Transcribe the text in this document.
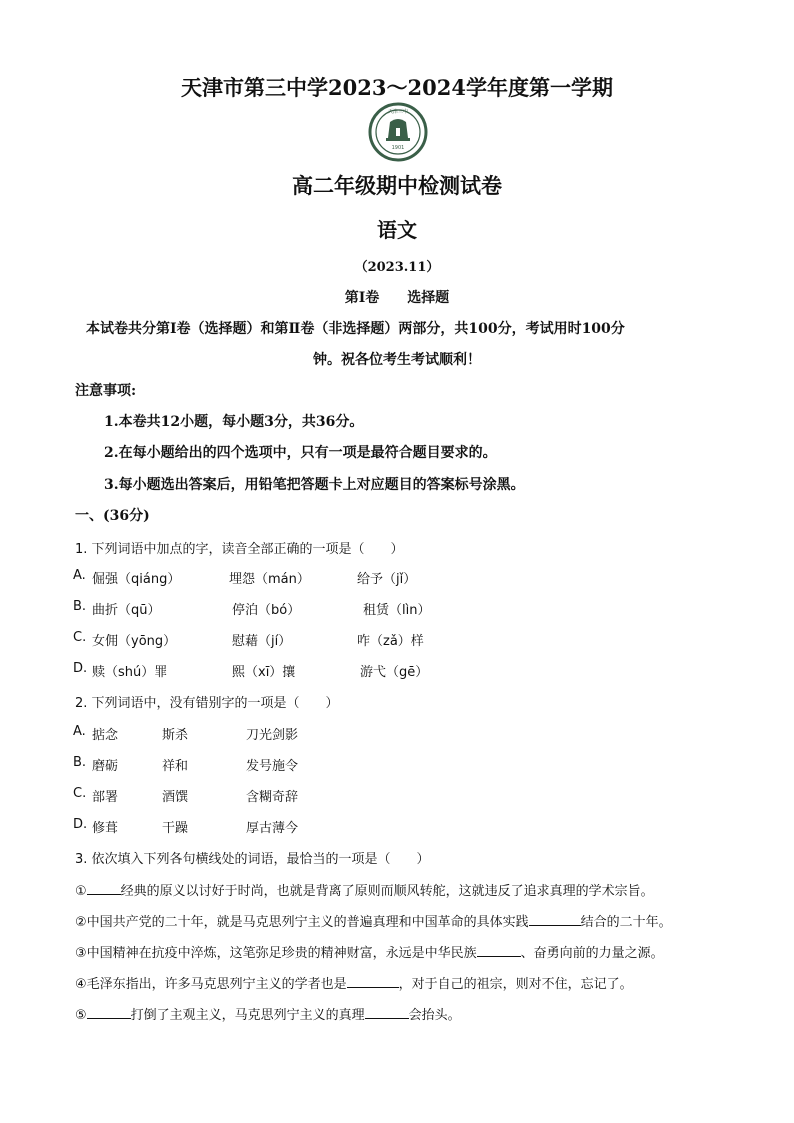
天津市第三中学2023～2024学年度第一学期
天津三中
1901
高二年级期中检测试卷
语文
（2023.11）
第Ⅰ卷　　选择题
本试卷共分第Ⅰ卷（选择题）和第Ⅱ卷（非选择题）两部分，共100分，考试用时100分
钟。祝各位考生考试顺利！
注意事项:
1.本卷共12小题，每小题3分，共36分。
2.在每小题给出的四个选项中，只有一项是最符合题目要求的。
3.每小题选出答案后，用铅笔把答题卡上对应题目的答案标号涂黑。
一、(36分)
1. 下列词语中加点的字，读音全部正确的一项是（　　）
A. 倔强（qiáng）	埋怨（mán）	给予（jǐ）
B. 曲折（qū）	停泊（bó）	租赁（lìn）
C. 女佣（yōng）	慰藉（jí）	咋（zǎ）样
D. 赎（shú）罪	熙（xī）攘	游弋（gē）
2. 下列词语中，没有错别字的一项是（　　）
A. 掂念	斯杀	刀光剑影
B. 磨砺	祥和	发号施令
C. 部署	酒馔	含糊奇辞
D. 修葺	干躁	厚古薄今
3. 依次填入下列各句横线处的词语，最恰当的一项是（　　）
①	经典的原义以讨好于时尚，也就是背离了原则而顺风转舵，这就违反了追求真理的学术宗旨。
②中国共产党的二十年，就是马克思列宁主义的普遍真理和中国革命的具体实践	结合的二十年。
③中国精神在抗疫中淬炼，这笔弥足珍贵的精神财富，永远是中华民族	、奋勇向前的力量之源。
④毛泽东指出，许多马克思列宁主义的学者也是	，对于自己的祖宗，则对不住，忘记了。
⑤	打倒了主观主义，马克思列宁主义的真理	会抬头。
